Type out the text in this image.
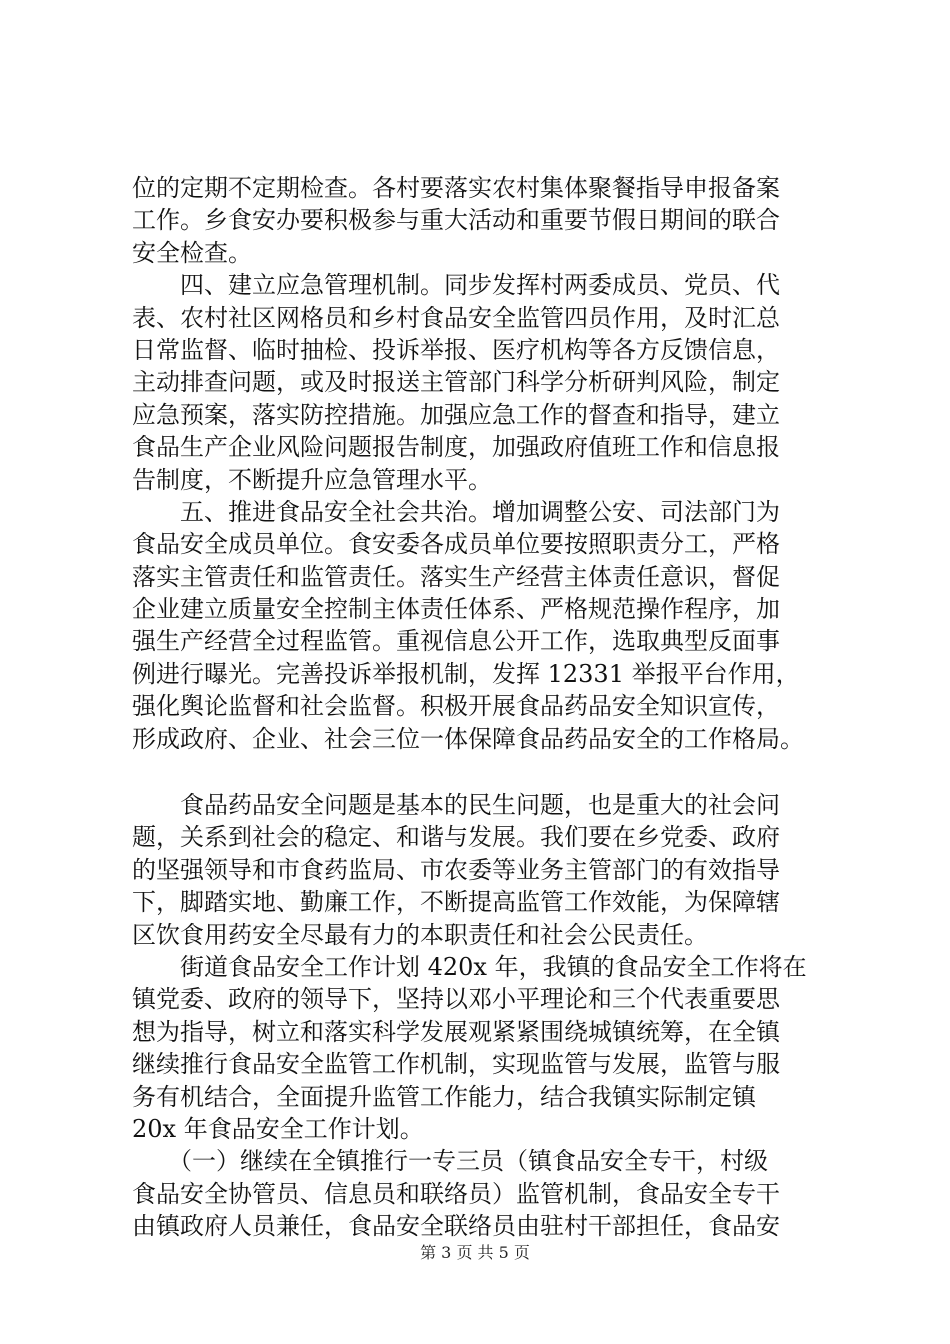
位的定期不定期检查。各村要落实农村集体聚餐指导申报备案
工作。乡食安办要积极参与重大活动和重要节假日期间的联合
安全检查。
　　四、建立应急管理机制。同步发挥村两委成员、党员、代
表、农村社区网格员和乡村食品安全监管四员作用，及时汇总
日常监督、临时抽检、投诉举报、医疗机构等各方反馈信息，
主动排查问题，或及时报送主管部门科学分析研判风险，制定
应急预案，落实防控措施。加强应急工作的督查和指导，建立
食品生产企业风险问题报告制度，加强政府值班工作和信息报
告制度，不断提升应急管理水平。
　　五、推进食品安全社会共治。增加调整公安、司法部门为
食品安全成员单位。食安委各成员单位要按照职责分工，严格
落实主管责任和监管责任。落实生产经营主体责任意识，督促
企业建立质量安全控制主体责任体系、严格规范操作程序，加
强生产经营全过程监管。重视信息公开工作，选取典型反面事
例进行曝光。完善投诉举报机制，发挥 12331 举报平台作用，
强化舆论监督和社会监督。积极开展食品药品安全知识宣传，
形成政府、企业、社会三位一体保障食品药品安全的工作格局。
　　食品药品安全问题是基本的民生问题，也是重大的社会问
题，关系到社会的稳定、和谐与发展。我们要在乡党委、政府
的坚强领导和市食药监局、市农委等业务主管部门的有效指导
下，脚踏实地、勤廉工作，不断提高监管工作效能，为保障辖
区饮食用药安全尽最有力的本职责任和社会公民责任。
　　街道食品安全工作计划 420x 年，我镇的食品安全工作将在
镇党委、政府的领导下，坚持以邓小平理论和三个代表重要思
想为指导，树立和落实科学发展观紧紧围绕城镇统筹，在全镇
继续推行食品安全监管工作机制，实现监管与发展，监管与服
务有机结合，全面提升监管工作能力，结合我镇实际制定镇
20x 年食品安全工作计划。
　　（一）继续在全镇推行一专三员（镇食品安全专干，村级
食品安全协管员、信息员和联络员）监管机制，食品安全专干
由镇政府人员兼任，食品安全联络员由驻村干部担任，食品安
第 3 页 共 5 页
